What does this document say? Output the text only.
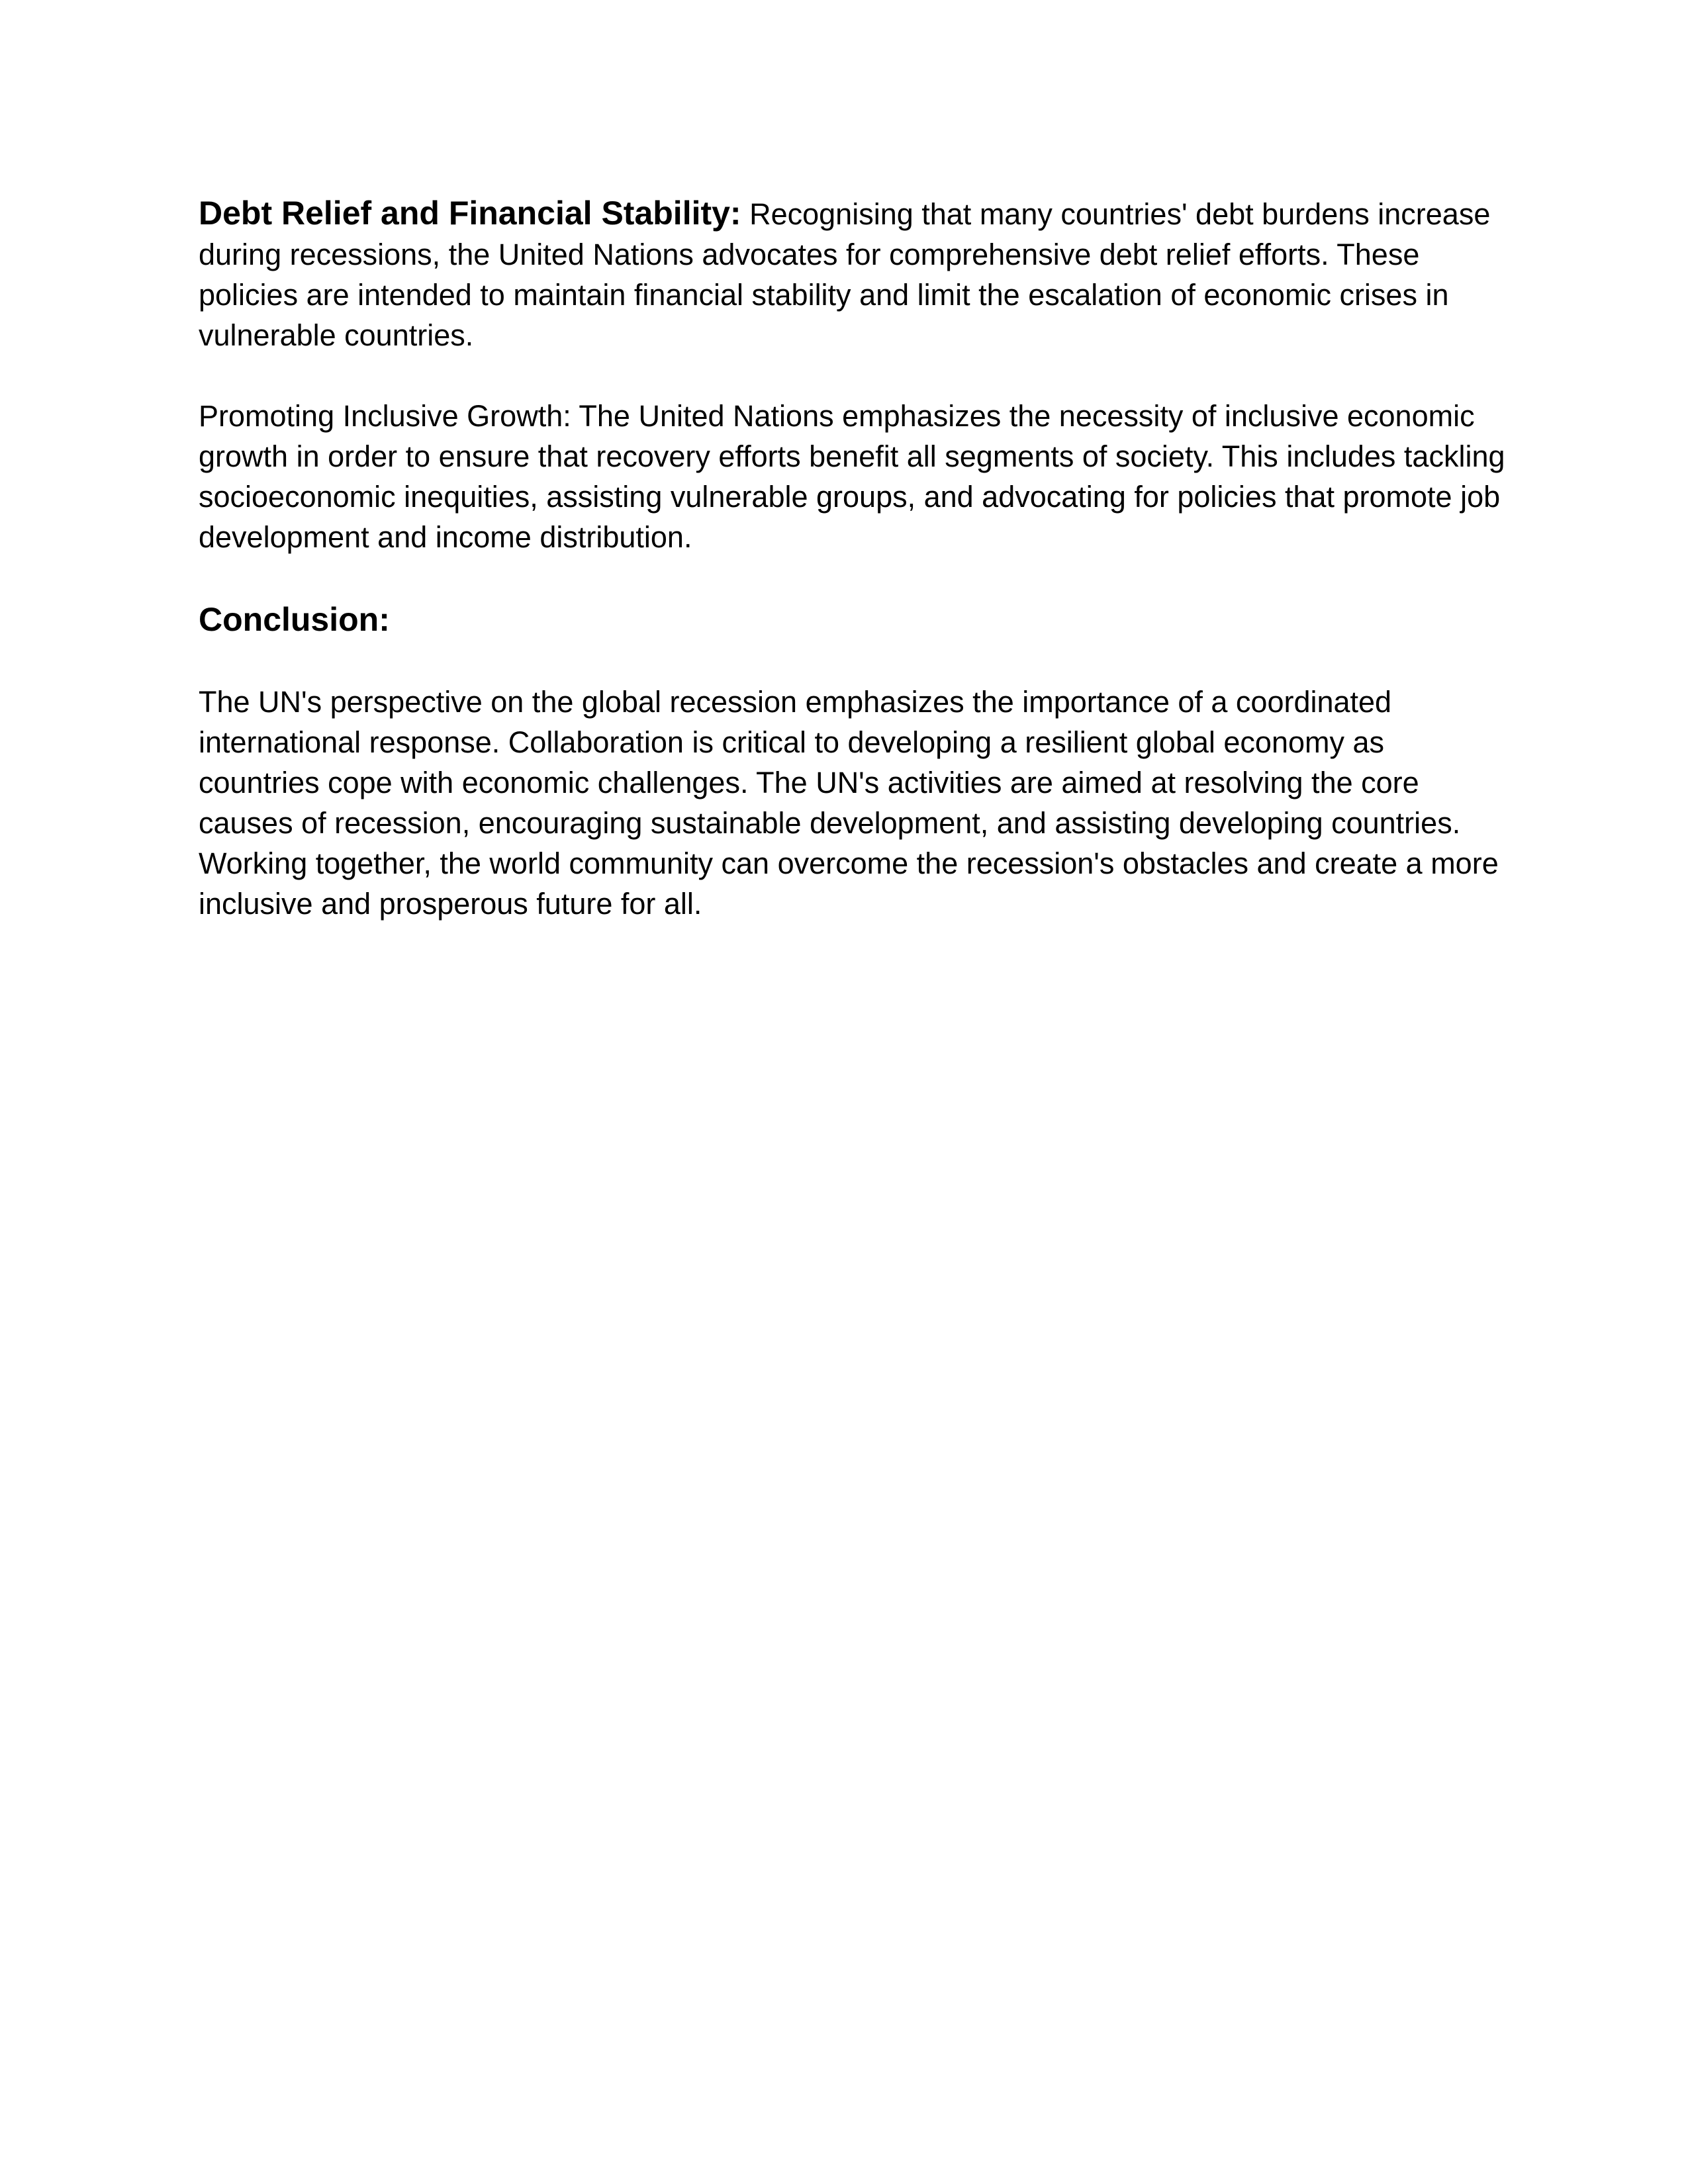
Debt Relief and Financial Stability: Recognising that many countries' debt burdens increase during recessions, the United Nations advocates for comprehensive debt relief efforts. These policies are intended to maintain financial stability and limit the escalation of economic crises in vulnerable countries.

Promoting Inclusive Growth: The United Nations emphasizes the necessity of inclusive economic growth in order to ensure that recovery efforts benefit all segments of society. This includes tackling socioeconomic inequities, assisting vulnerable groups, and advocating for policies that promote job development and income distribution.

Conclusion:

The UN's perspective on the global recession emphasizes the importance of a coordinated international response. Collaboration is critical to developing a resilient global economy as countries cope with economic challenges. The UN's activities are aimed at resolving the core causes of recession, encouraging sustainable development, and assisting developing countries. Working together, the world community can overcome the recession's obstacles and create a more inclusive and prosperous future for all.
